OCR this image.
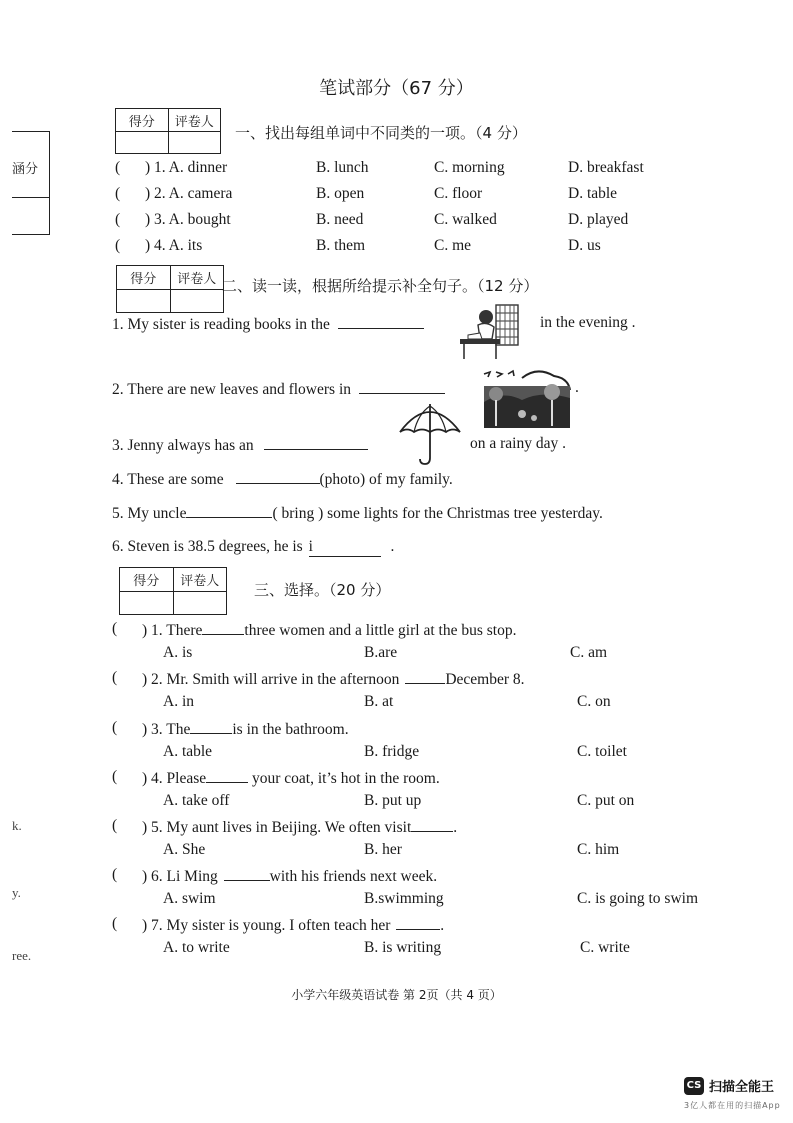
笔试部分（67 分）
涵分
k.
y.
ree.
得分	评卷人
一、找出每组单词中不同类的一项。（4 分）
( ) 1. A. dinner	B. lunch	C. morning	D. breakfast
( ) 2. A. camera	B. open	C. floor	D. table
( ) 3. A. bought	B. need	C. walked	D. played
( ) 4. A. its	B. them	C. me	D. us
得分	评卷人 二、读一读，根据所给提示补全句子。（12 分）
1. My sister is reading books in the	in the evening .
2. There are new leaves and flowers in	.
3. Jenny always has an	on a rainy day .
4. These are some	(photo) of my family.
5. My uncle	( bring ) some lights for the Christmas tree yesterday.
6. Steven is 38.5 degrees, he is i	.
得分	评卷人	三、选择。（20 分）
( ) 1. There	three women and a little girl at the bus stop.
A. is	B.are	C. am
( ) 2. Mr. Smith will arrive in the afternoon	December 8.
A. in	B. at	C. on
( ) 3. The	is in the bathroom.
A. table	B. fridge	C. toilet
( ) 4. Please	your coat, it’s hot in the room.
A. take off	B. put up	C. put on
( ) 5. My aunt lives in Beijing. We often visit	.
A. She	B. her	C. him
( ) 6. Li Ming	with his friends next week.
A. swim	B.swimming	C. is going to swim
( ) 7. My sister is young. I often teach her	.
A. to write	B. is writing	C. write
小学六年级英语试卷 第 2页（共 4 页）
CS 扫描全能王
3亿人都在用的扫描App
